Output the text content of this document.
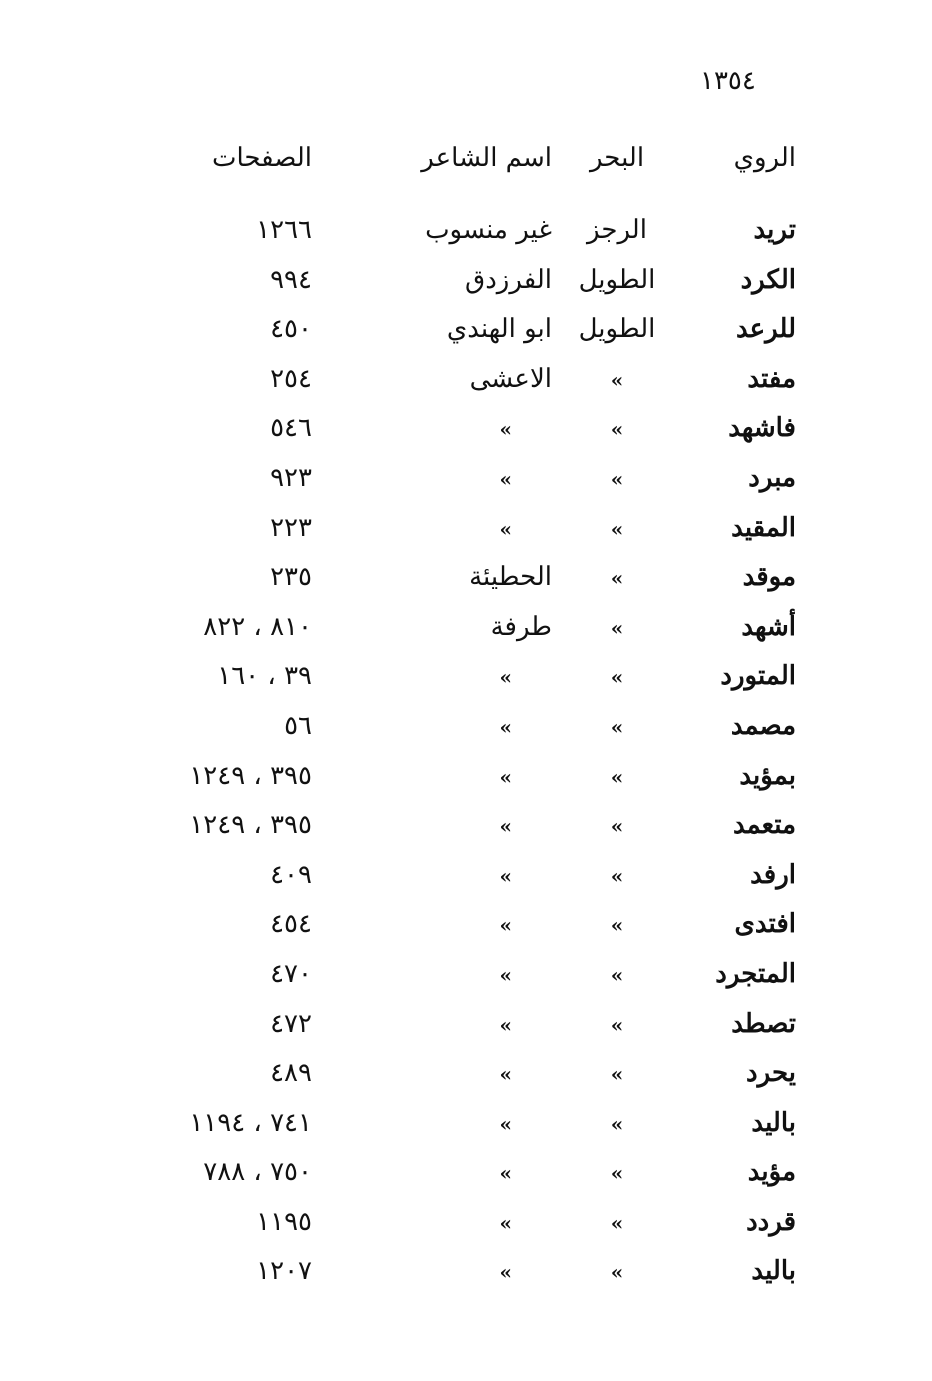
١٣٥٤
الروي
البحر
اسم الشاعر
الصفحات
تريد
الرجز
غير منسوب
١٢٦٦
الكرد
الطويل
الفرزدق
٩٩٤
للرعد
الطويل
ابو الهندي
٤٥٠
مفتد
»
الاعشى
٢٥٤
فاشهد
»
»
٥٤٦
مبرد
»
»
٩٢٣
المقيد
»
»
٢٢٣
موقد
»
الحطيئة
٢٣٥
أشهد
»
طرفة
٨١٠ ، ٨٢٢
المتورد
»
»
٣٩ ، ١٦٠
مصمد
»
»
٥٦
بمؤيد
»
»
٣٩٥ ، ١٢٤٩
متعمد
»
»
٣٩٥ ، ١٢٤٩
ارفد
»
»
٤٠٩
افتدى
»
»
٤٥٤
المتجرد
»
»
٤٧٠
تصطد
»
»
٤٧٢
يحرد
»
»
٤٨٩
باليد
»
»
٧٤١ ، ١١٩٤
مؤيد
»
»
٧٥٠ ، ٧٨٨
قردد
»
»
١١٩٥
باليد
»
»
١٢٠٧
